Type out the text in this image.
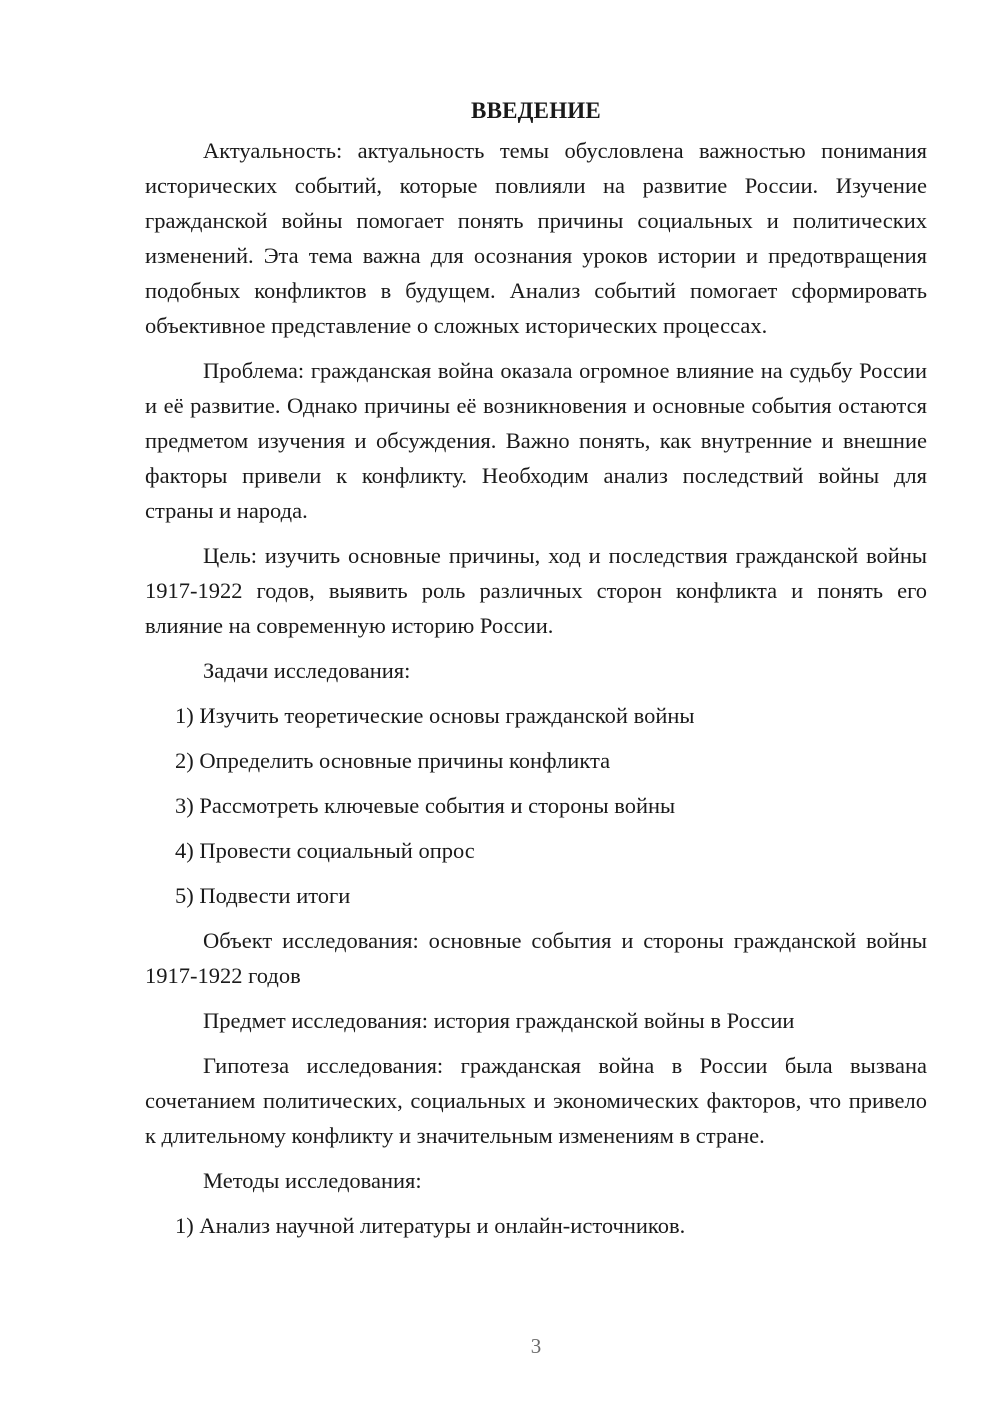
ВВЕДЕНИЕ

Актуальность: актуальность темы обусловлена важностью понимания исторических событий, которые повлияли на развитие России. Изучение гражданской войны помогает понять причины социальных и политических изменений. Эта тема важна для осознания уроков истории и предотвращения подобных конфликтов в будущем. Анализ событий помогает сформировать объективное представление о сложных исторических процессах.

Проблема: гражданская война оказала огромное влияние на судьбу России и её развитие. Однако причины её возникновения и основные события остаются предметом изучения и обсуждения. Важно понять, как внутренние и внешние факторы привели к конфликту. Необходим анализ последствий войны для страны и народа.

Цель: изучить основные причины, ход и последствия гражданской войны 1917-1922 годов, выявить роль различных сторон конфликта и понять его влияние на современную историю России.

Задачи исследования:
1) Изучить теоретические основы гражданской войны
2) Определить основные причины конфликта
3) Рассмотреть ключевые события и стороны войны
4) Провести социальный опрос
5) Подвести итоги

Объект исследования: основные события и стороны гражданской войны 1917-1922 годов

Предмет исследования: история гражданской войны в России

Гипотеза исследования: гражданская война в России была вызвана сочетанием политических, социальных и экономических факторов, что привело к длительному конфликту и значительным изменениям в стране.

Методы исследования:
1) Анализ научной литературы и онлайн-источников.
3
